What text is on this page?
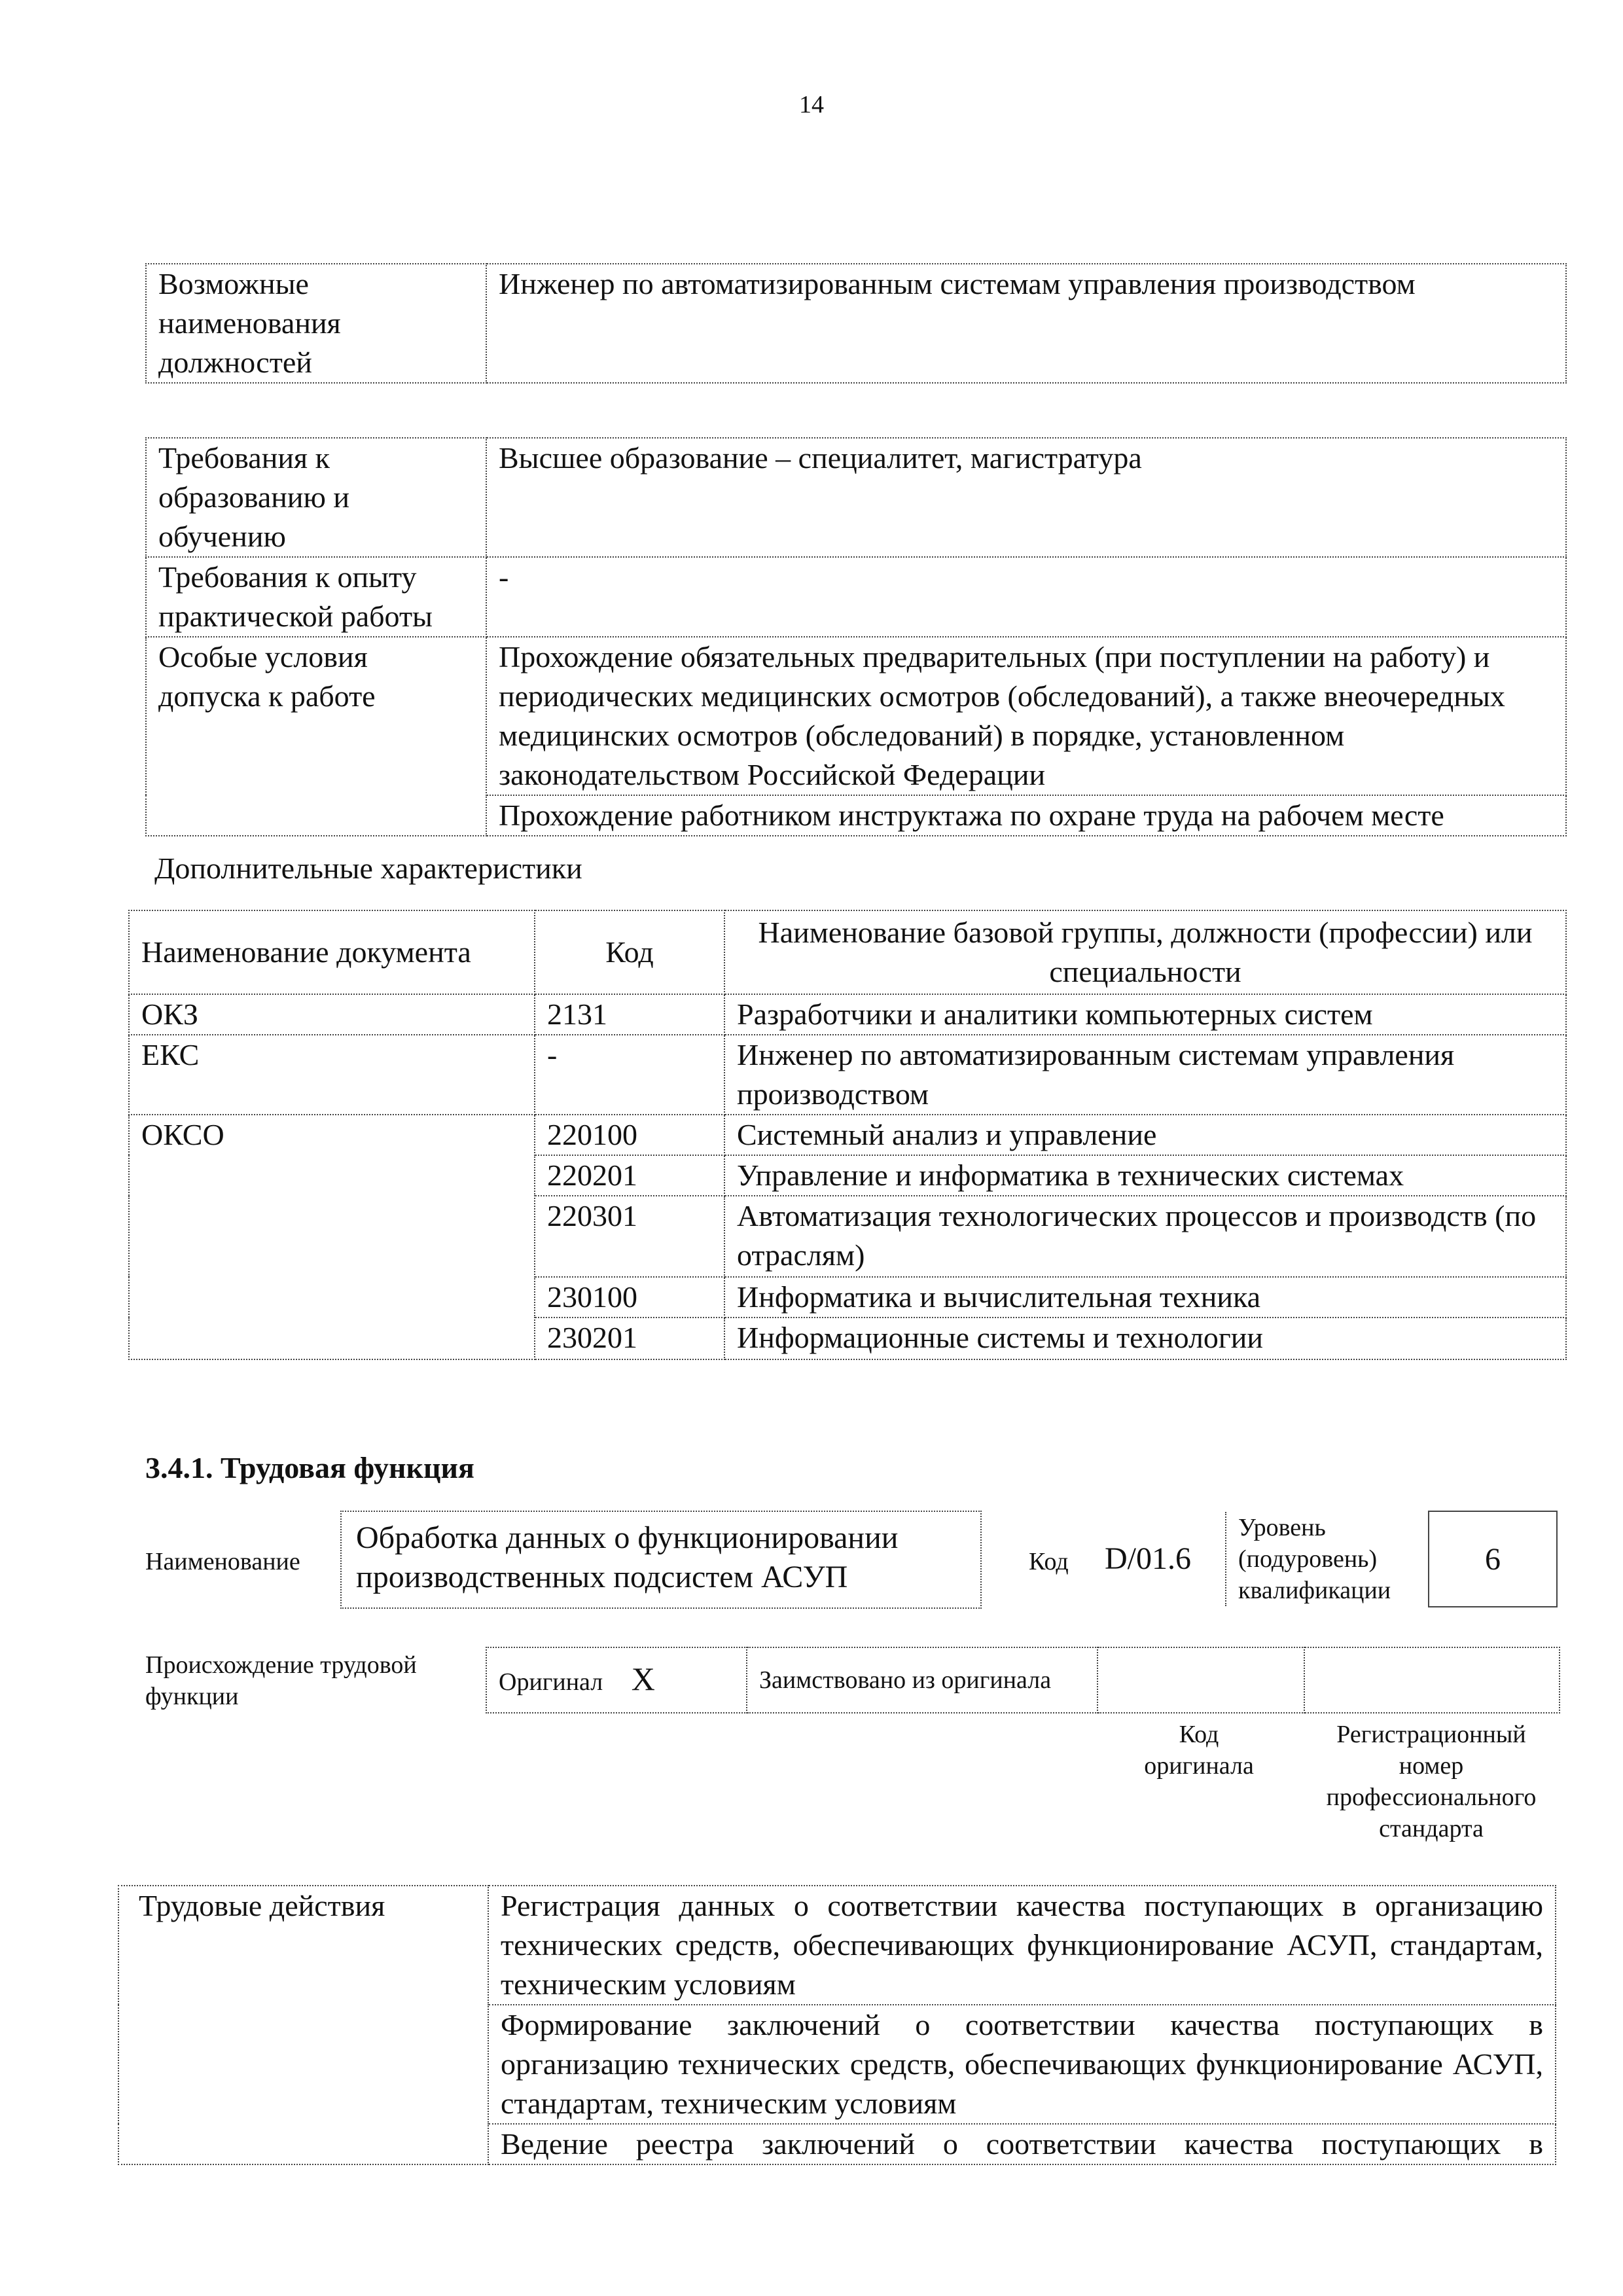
14
Возможные наименования должностей	Инженер по автоматизированным системам управления производством
Требования к образованию и обучению	Высшее образование – специалитет, магистратура
Требования к опыту практической работы	-
Особые условия допуска к работе	Прохождение обязательных предварительных (при поступлении на работу) и периодических медицинских осмотров (обследований), а также внеочередных медицинских осмотров (обследований) в порядке, установленном законодательством Российской Федерации
	Прохождение работником инструктажа по охране труда на рабочем месте
Дополнительные характеристики
Наименование документа	Код	Наименование базовой группы, должности (профессии) или специальности
ОКЗ	2131	Разработчики и аналитики компьютерных систем
ЕКС	-	Инженер по автоматизированным системам управления производством
ОКСО	220100	Системный анализ и управление
	220201	Управление и информатика в технических системах
	220301	Автоматизация технологических процессов и производств (по отраслям)
	230100	Информатика и вычислительная техника
	230201	Информационные системы и технологии
3.4.1. Трудовая функция
Наименование
Обработка данных о функционировании производственных подсистем АСУП	Код D/01.6
Уровень (подуровень) квалификации
6
Происхождение трудовой функции
Оригинал X	Заимствовано из оригинала		
Код оригинала
Регистрационный номер профессионального стандарта
Трудовые действия	Регистрация данных о соответствии качества поступающих в организацию технических средств, обеспечивающих функционирование АСУП, стандартам, техническим условиям
Формирование заключений о соответствии качества поступающих в организацию технических средств, обеспечивающих функционирование АСУП, стандартам, техническим условиям
Ведение реестра заключений о соответствии качества поступающих в
